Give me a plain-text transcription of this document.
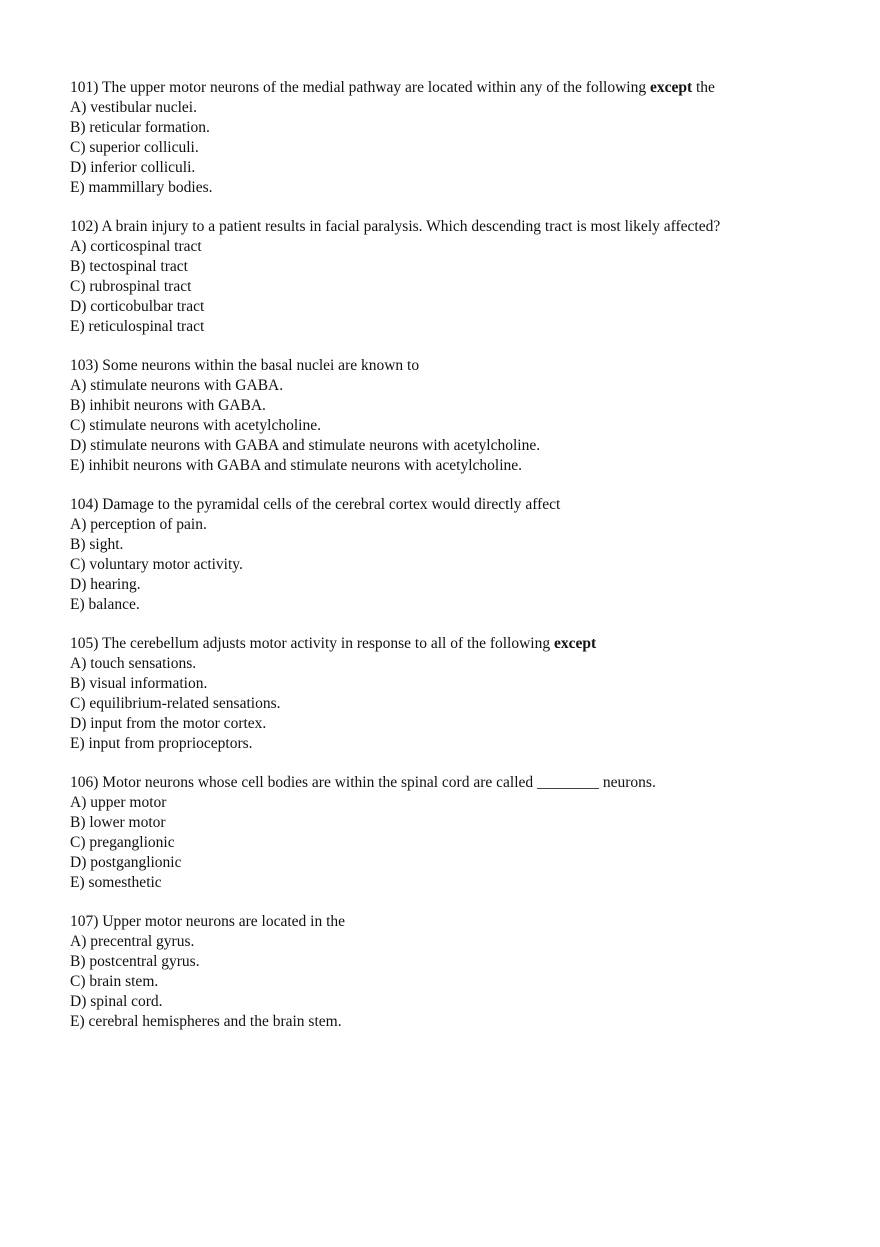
101) The upper motor neurons of the medial pathway are located within any of the following except the
A) vestibular nuclei.
B) reticular formation.
C) superior colliculi.
D) inferior colliculi.
E) mammillary bodies.
102) A brain injury to a patient results in facial paralysis. Which descending tract is most likely affected?
A) corticospinal tract
B) tectospinal tract
C) rubrospinal tract
D) corticobulbar tract
E) reticulospinal tract
103) Some neurons within the basal nuclei are known to
A) stimulate neurons with GABA.
B) inhibit neurons with GABA.
C) stimulate neurons with acetylcholine.
D) stimulate neurons with GABA and stimulate neurons with acetylcholine.
E) inhibit neurons with GABA and stimulate neurons with acetylcholine.
104) Damage to the pyramidal cells of the cerebral cortex would directly affect
A) perception of pain.
B) sight.
C) voluntary motor activity.
D) hearing.
E) balance.
105) The cerebellum adjusts motor activity in response to all of the following except
A) touch sensations.
B) visual information.
C) equilibrium-related sensations.
D) input from the motor cortex.
E) input from proprioceptors.
106) Motor neurons whose cell bodies are within the spinal cord are called ________ neurons.
A) upper motor
B) lower motor
C) preganglionic
D) postganglionic
E) somesthetic
107) Upper motor neurons are located in the
A) precentral gyrus.
B) postcentral gyrus.
C) brain stem.
D) spinal cord.
E) cerebral hemispheres and the brain stem.
